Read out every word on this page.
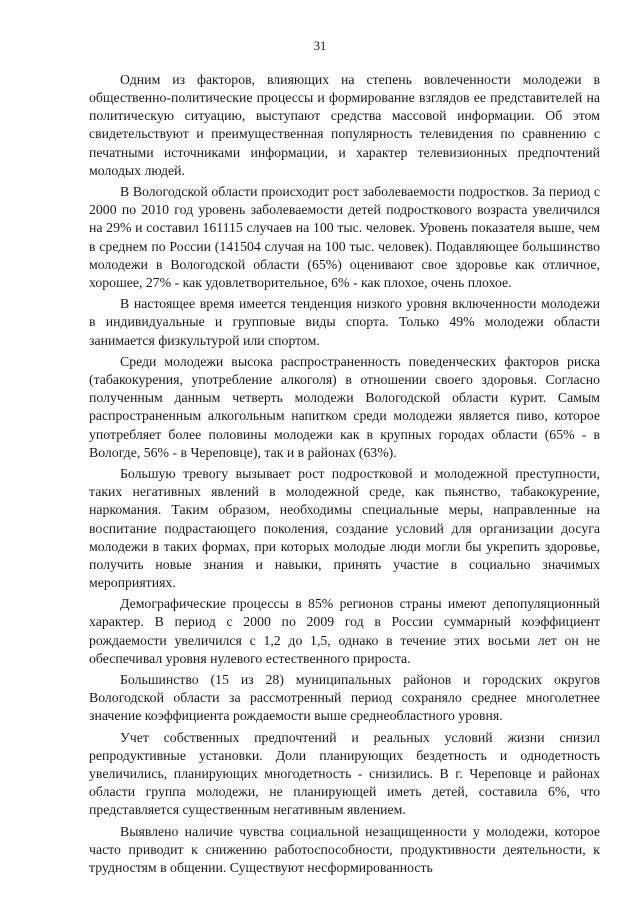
31

Одним из факторов, влияющих на степень вовлеченности молодежи в общественно-политические процессы и формирование взглядов ее представителей на политическую ситуацию, выступают средства массовой информации. Об этом свидетельствуют и преимущественная популярность телевидения по сравнению с печатными источниками информации, и характер телевизионных предпочтений молодых людей.

В Вологодской области происходит рост заболеваемости подростков. За период с 2000 по 2010 год уровень заболеваемости детей подросткового возраста увеличился на 29% и составил 161115 случаев на 100 тыс. человек. Уровень показателя выше, чем в среднем по России (141504 случая на 100 тыс. человек). Подавляющее большинство молодежи в Вологодской области (65%) оценивают свое здоровье как отличное, хорошее, 27% - как удовлетворительное, 6% - как плохое, очень плохое.

В настоящее время имеется тенденция низкого уровня включенности молодежи в индивидуальные и групповые виды спорта. Только 49% молодежи области занимается физкультурой или спортом.

Среди молодежи высока распространенность поведенческих факторов риска (табакокурения, употребление алкоголя) в отношении своего здоровья. Согласно полученным данным четверть молодежи Вологодской области курит. Самым распространенным алкогольным напитком среди молодежи является пиво, которое употребляет более половины молодежи как в крупных городах области (65% - в Вологде, 56% - в Череповце), так и в районах (63%).

Большую тревогу вызывает рост подростковой и молодежной преступности, таких негативных явлений в молодежной среде, как пьянство, табакокурение, наркомания. Таким образом, необходимы специальные меры, направленные на воспитание подрастающего поколения, создание условий для организации досуга молодежи в таких формах, при которых молодые люди могли бы укрепить здоровье, получить новые знания и навыки, принять участие в социально значимых мероприятиях.

Демографические процессы в 85% регионов страны имеют депопуляционный характер. В период с 2000 по 2009 год в России суммарный коэффициент рождаемости увеличился с 1,2 до 1,5, однако в течение этих восьми лет он не обеспечивал уровня нулевого естественного прироста.

Большинство (15 из 28) муниципальных районов и городских округов Вологодской области за рассмотренный период сохраняло среднее многолетнее значение коэффициента рождаемости выше среднеобластного уровня.

Учет собственных предпочтений и реальных условий жизни снизил репродуктивные установки. Доли планирующих бездетность и однодетность увеличились, планирующих многодетность - снизились. В г. Череповце и районах области группа молодежи, не планирующей иметь детей, составила 6%, что представляется существенным негативным явлением.

Выявлено наличие чувства социальной незащищенности у молодежи, которое часто приводит к снижению работоспособности, продуктивности деятельности, к трудностям в общении. Существуют несформированность
